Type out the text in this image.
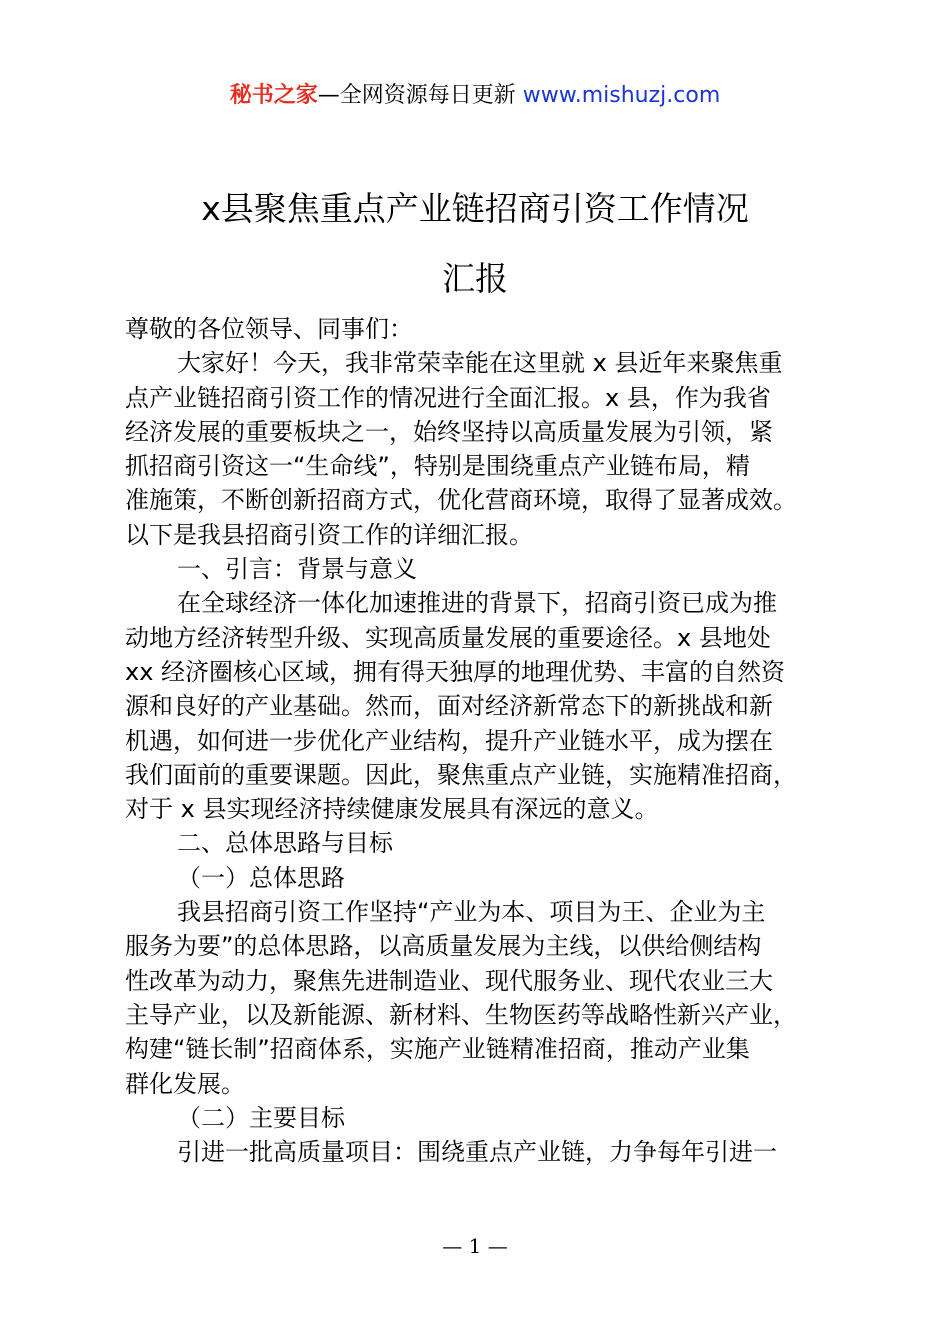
秘书之家—全网资源每日更新 www.mishuzj.com
x县聚焦重点产业链招商引资工作情况
汇报
尊敬的各位领导、同事们：
大家好！今天，我非常荣幸能在这里就 x 县近年来聚焦重
点产业链招商引资工作的情况进行全面汇报。x 县，作为我省
经济发展的重要板块之一，始终坚持以高质量发展为引领，紧
抓招商引资这一“生命线”，特别是围绕重点产业链布局，精
准施策，不断创新招商方式，优化营商环境，取得了显著成效。
以下是我县招商引资工作的详细汇报。
一、引言：背景与意义
在全球经济一体化加速推进的背景下，招商引资已成为推
动地方经济转型升级、实现高质量发展的重要途径。x 县地处
xx 经济圈核心区域，拥有得天独厚的地理优势、丰富的自然资
源和良好的产业基础。然而，面对经济新常态下的新挑战和新
机遇，如何进一步优化产业结构，提升产业链水平，成为摆在
我们面前的重要课题。因此，聚焦重点产业链，实施精准招商，
对于 x 县实现经济持续健康发展具有深远的意义。
二、总体思路与目标
（一）总体思路
我县招商引资工作坚持“产业为本、项目为王、企业为主
服务为要”的总体思路，以高质量发展为主线，以供给侧结构
性改革为动力，聚焦先进制造业、现代服务业、现代农业三大
主导产业，以及新能源、新材料、生物医药等战略性新兴产业，
构建“链长制”招商体系，实施产业链精准招商，推动产业集
群化发展。
（二）主要目标
引进一批高质量项目：围绕重点产业链，力争每年引进一
— 1 —
